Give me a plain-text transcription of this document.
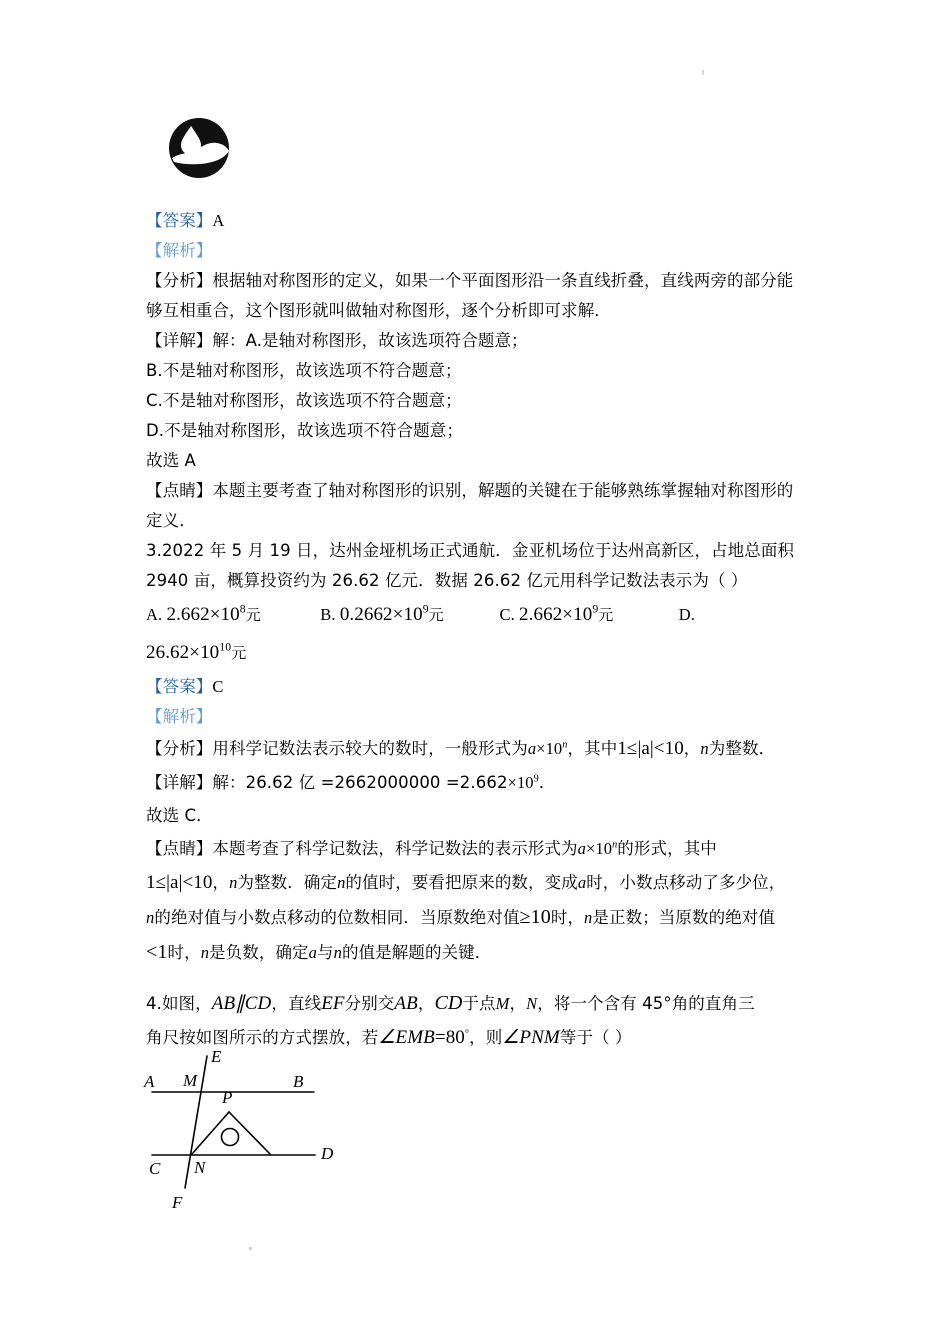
【答案】A
【解析】
【分析】根据轴对称图形的定义，如果一个平面图形沿一条直线折叠，直线两旁的部分能
够互相重合，这个图形就叫做轴对称图形，逐个分析即可求解．
【详解】解：A.是轴对称图形，故该选项符合题意；
B.不是轴对称图形，故该选项不符合题意；
C.不是轴对称图形，故该选项不符合题意；
D.不是轴对称图形，故该选项不符合题意；
故选 A
【点睛】本题主要考查了轴对称图形的识别，解题的关键在于能够熟练掌握轴对称图形的
定义．
3.2022 年 5 月 19 日，达州金垭机场正式通航．金亚机场位于达州高新区，占地总面积
2940 亩，概算投资约为 26.62 亿元．数据 26.62 亿元用科学记数法表示为（ ）
A. $2.662\times 10^8$元	B. $0.2662\times 10^9$元	C. $2.662\times 10^9$元	D.
$26.62\times 10^{10}$元
【答案】C
【解析】
【分析】用科学记数法表示较大的数时，一般形式为$a\times 10^n$，其中1≤|a|<10，n为整数．
【详解】解：26.62 亿 $=2662000000 =2.662\times 10^9$．
故选 C．
【点睛】本题考查了科学记数法，科学记数法的表示形式为$a\times 10^n$的形式，其中
1≤|a|<10，n为整数．确定n的值时，要看把原来的数，变成a时，小数点移动了多少位，
n的绝对值与小数点移动的位数相同．当原数绝对值≥10时，n是正数；当原数的绝对值
<1时，n是负数，确定a与n的值是解题的关键．
4.如图，AB∥CD，直线EF分别交AB，CD于点M，N，将一个含有 45°角的直角三
角尺按如图所示的方式摆放，若∠EMB=80°，则∠PNM等于（ ）
A	B
C
D
E
F
M
N
P
